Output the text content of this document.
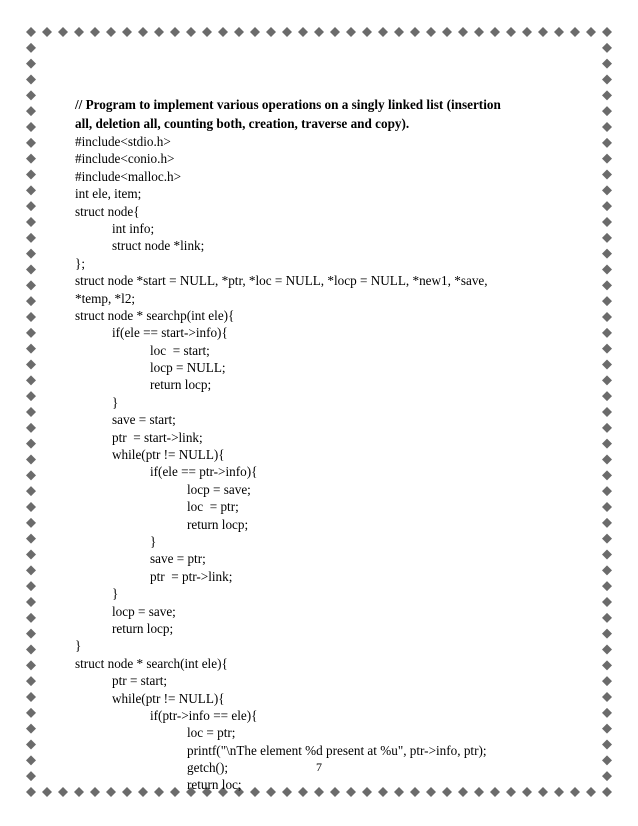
// Program to implement various operations on a singly linked list (insertion
all, deletion all, counting both, creation, traverse and copy).

#include<stdio.h>
#include<conio.h>
#include<malloc.h>
int ele, item;
struct node{
int info;
struct node *link;
};
struct node *start = NULL, *ptr, *loc = NULL, *locp = NULL, *new1, *save,
*temp, *l2;
struct node * searchp(int ele){
if(ele == start->info){
loc  = start;
locp = NULL;
return locp;
}
save = start;
ptr  = start->link;
while(ptr != NULL){
if(ele == ptr->info){
locp = save;
loc  = ptr;
return locp;
}
save = ptr;
ptr  = ptr->link;
}
locp = save;
return locp;
}
struct node * search(int ele){
ptr = start;
while(ptr != NULL){
if(ptr->info == ele){
loc = ptr;
printf("\nThe element %d present at %u", ptr->info, ptr);
getch();
return loc;
7
